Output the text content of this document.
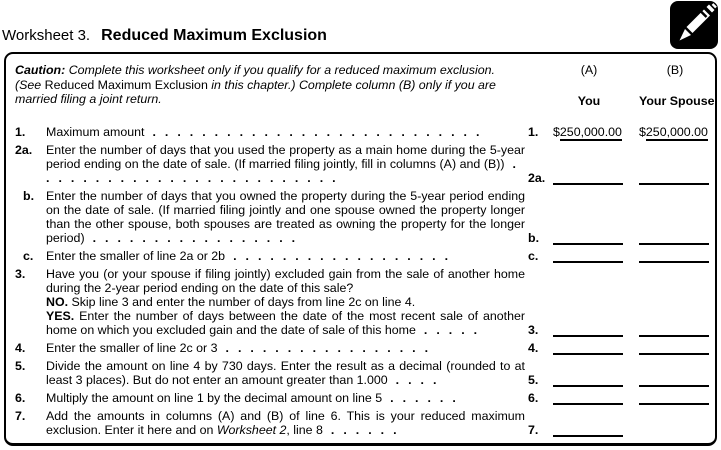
Worksheet 3. Reduced Maximum Exclusion
Caution: Complete this worksheet only if you qualify for a reduced maximum exclusion. (See Reduced Maximum Exclusion in this chapter.) Complete column (B) only if you are married filing a joint return.
(A)	(B)
You	Your Spouse
1.	Maximum amount .​.​.​.​.​.​.​.​.​.​.​.​.​.​.​.​.​.​.​.​.​.​.​.​.​.​.	1.	$250,000.00 $250,000.00
2a.	Enter the number of days that you used the property as a main home during the 5-year period ending on the date of sale. (If married filing jointly, fill in columns (A) and (B)) .​.​.​.​.​.​.​.​.​.​.​.​.​.​.​.​.​.​.​.​.​.​.​.​.	2a.
b. Enter the number of days that you owned the property during the 5-year period ending on the date of sale. (If married filing jointly and one spouse owned the property longer than the other spouse, both spouses are treated as owning the property for the longer period) .​.​.​.​.​.​.​.​.​.​.​.​.​.​.​.​.	b.
c.	Enter the smaller of line 2a or 2b .​.​.​.​.​.​.​.​.​.​.​.​.​.​.​.​.​.	c.
3.	Have you (or your spouse if filing jointly) excluded gain from the sale of another home during the 2-year period ending on the date of this sale?

NO. Skip line 3 and enter the number of days from line 2c on line 4.

YES. Enter the number of days between the date of the most recent sale of another home on which you excluded gain and the date of sale of this home .​.​.​.​.	3.
4.	Enter the smaller of line 2c or 3 .​.​.​.​.​.​.​.​.​.​.​.​.​.​.​.​.	4.
5.	Divide the amount on line 4 by 730 days. Enter the result as a decimal (rounded to at least 3 places). But do not enter an amount greater than 1.000 .​.​.​.	5.
6.	Multiply the amount on line 1 by the decimal amount on line 5 .​.​.​.​.​.	6.
7.	Add the amounts in columns (A) and (B) of line 6. This is your reduced maximum exclusion. Enter it here and on Worksheet 2, line 8 .​.​.​.​.​.	7.
